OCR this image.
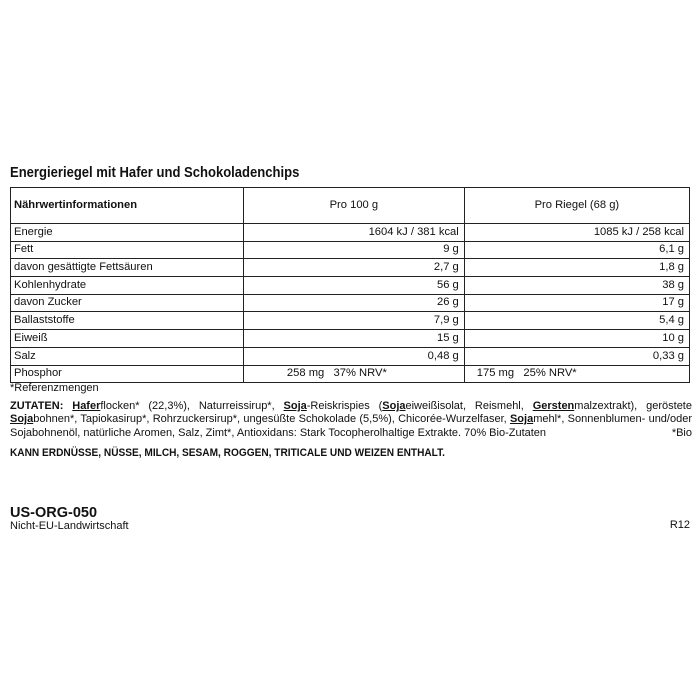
Energieriegel mit Hafer und Schokoladenchips
Nährwertinformationen	Pro 100 g	Pro Riegel (68 g)
Energie	1604 kJ / 381 kcal	1085 kJ / 258 kcal

Fett	9 g	6,1 g

davon gesättigte Fettsäuren	2,7 g	1,8 g

Kohlenhydrate	56 g	38 g

davon Zucker	26 g	17 g

Ballaststoffe	7,9 g	5,4 g

Eiweiß	15 g	10 g

Salz	0,48 g	0,33 g

Phosphor	258 mg   37% NRV*	175 mg   25% NRV*
*Referenzmengen
ZUTATEN: Haferflocken* (22,3%), Naturreissirup*, Soja-Reiskrispies (Sojaeiweißisolat, Reismehl, Gerstenmalzextrakt), geröstete Sojabohnen*, Tapiokasirup*, Rohrzuckersirup*, ungesüßte Schokolade (5,5%), Chicorée-Wurzelfaser, Sojamehl*, Sonnenblumen- und/oder Sojabohnenöl, natürliche Aromen, Salz, Zimt*, Antioxidans: Stark Tocopherolhaltige Extrakte. 70% Bio-Zutaten	*Bio
KANN ERDNÜSSE, NÜSSE, MILCH, SESAM, ROGGEN, TRITICALE UND WEIZEN ENTHALT.
US-ORG-050
Nicht-EU-Landwirtschaft	R12
